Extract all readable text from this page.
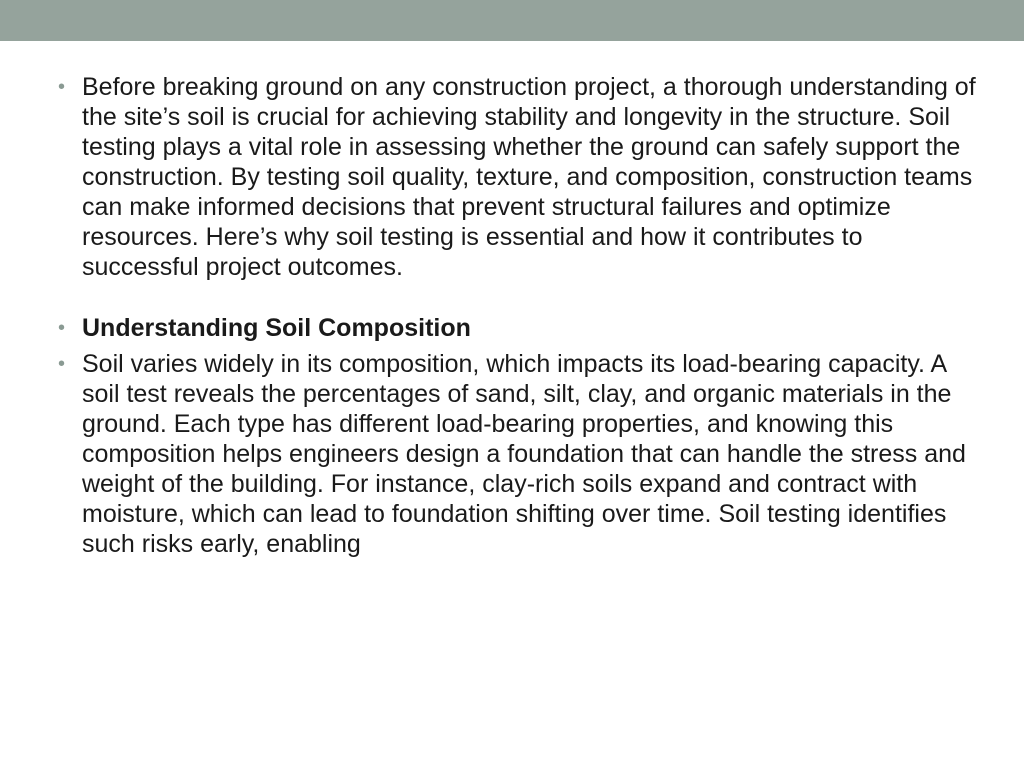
• Before breaking ground on any construction project, a thorough understanding of the site’s soil is crucial for achieving stability and longevity in the structure. Soil testing plays a vital role in assessing whether the ground can safely support the construction. By testing soil quality, texture, and composition, construction teams can make informed decisions that prevent structural failures and optimize resources. Here’s why soil testing is essential and how it contributes to successful project outcomes.
• Understanding Soil Composition
• Soil varies widely in its composition, which impacts its load-bearing capacity. A soil test reveals the percentages of sand, silt, clay, and organic materials in the ground. Each type has different load-bearing properties, and knowing this composition helps engineers design a foundation that can handle the stress and weight of the building. For instance, clay-rich soils expand and contract with moisture, which can lead to foundation shifting over time. Soil testing identifies such risks early, enabling
